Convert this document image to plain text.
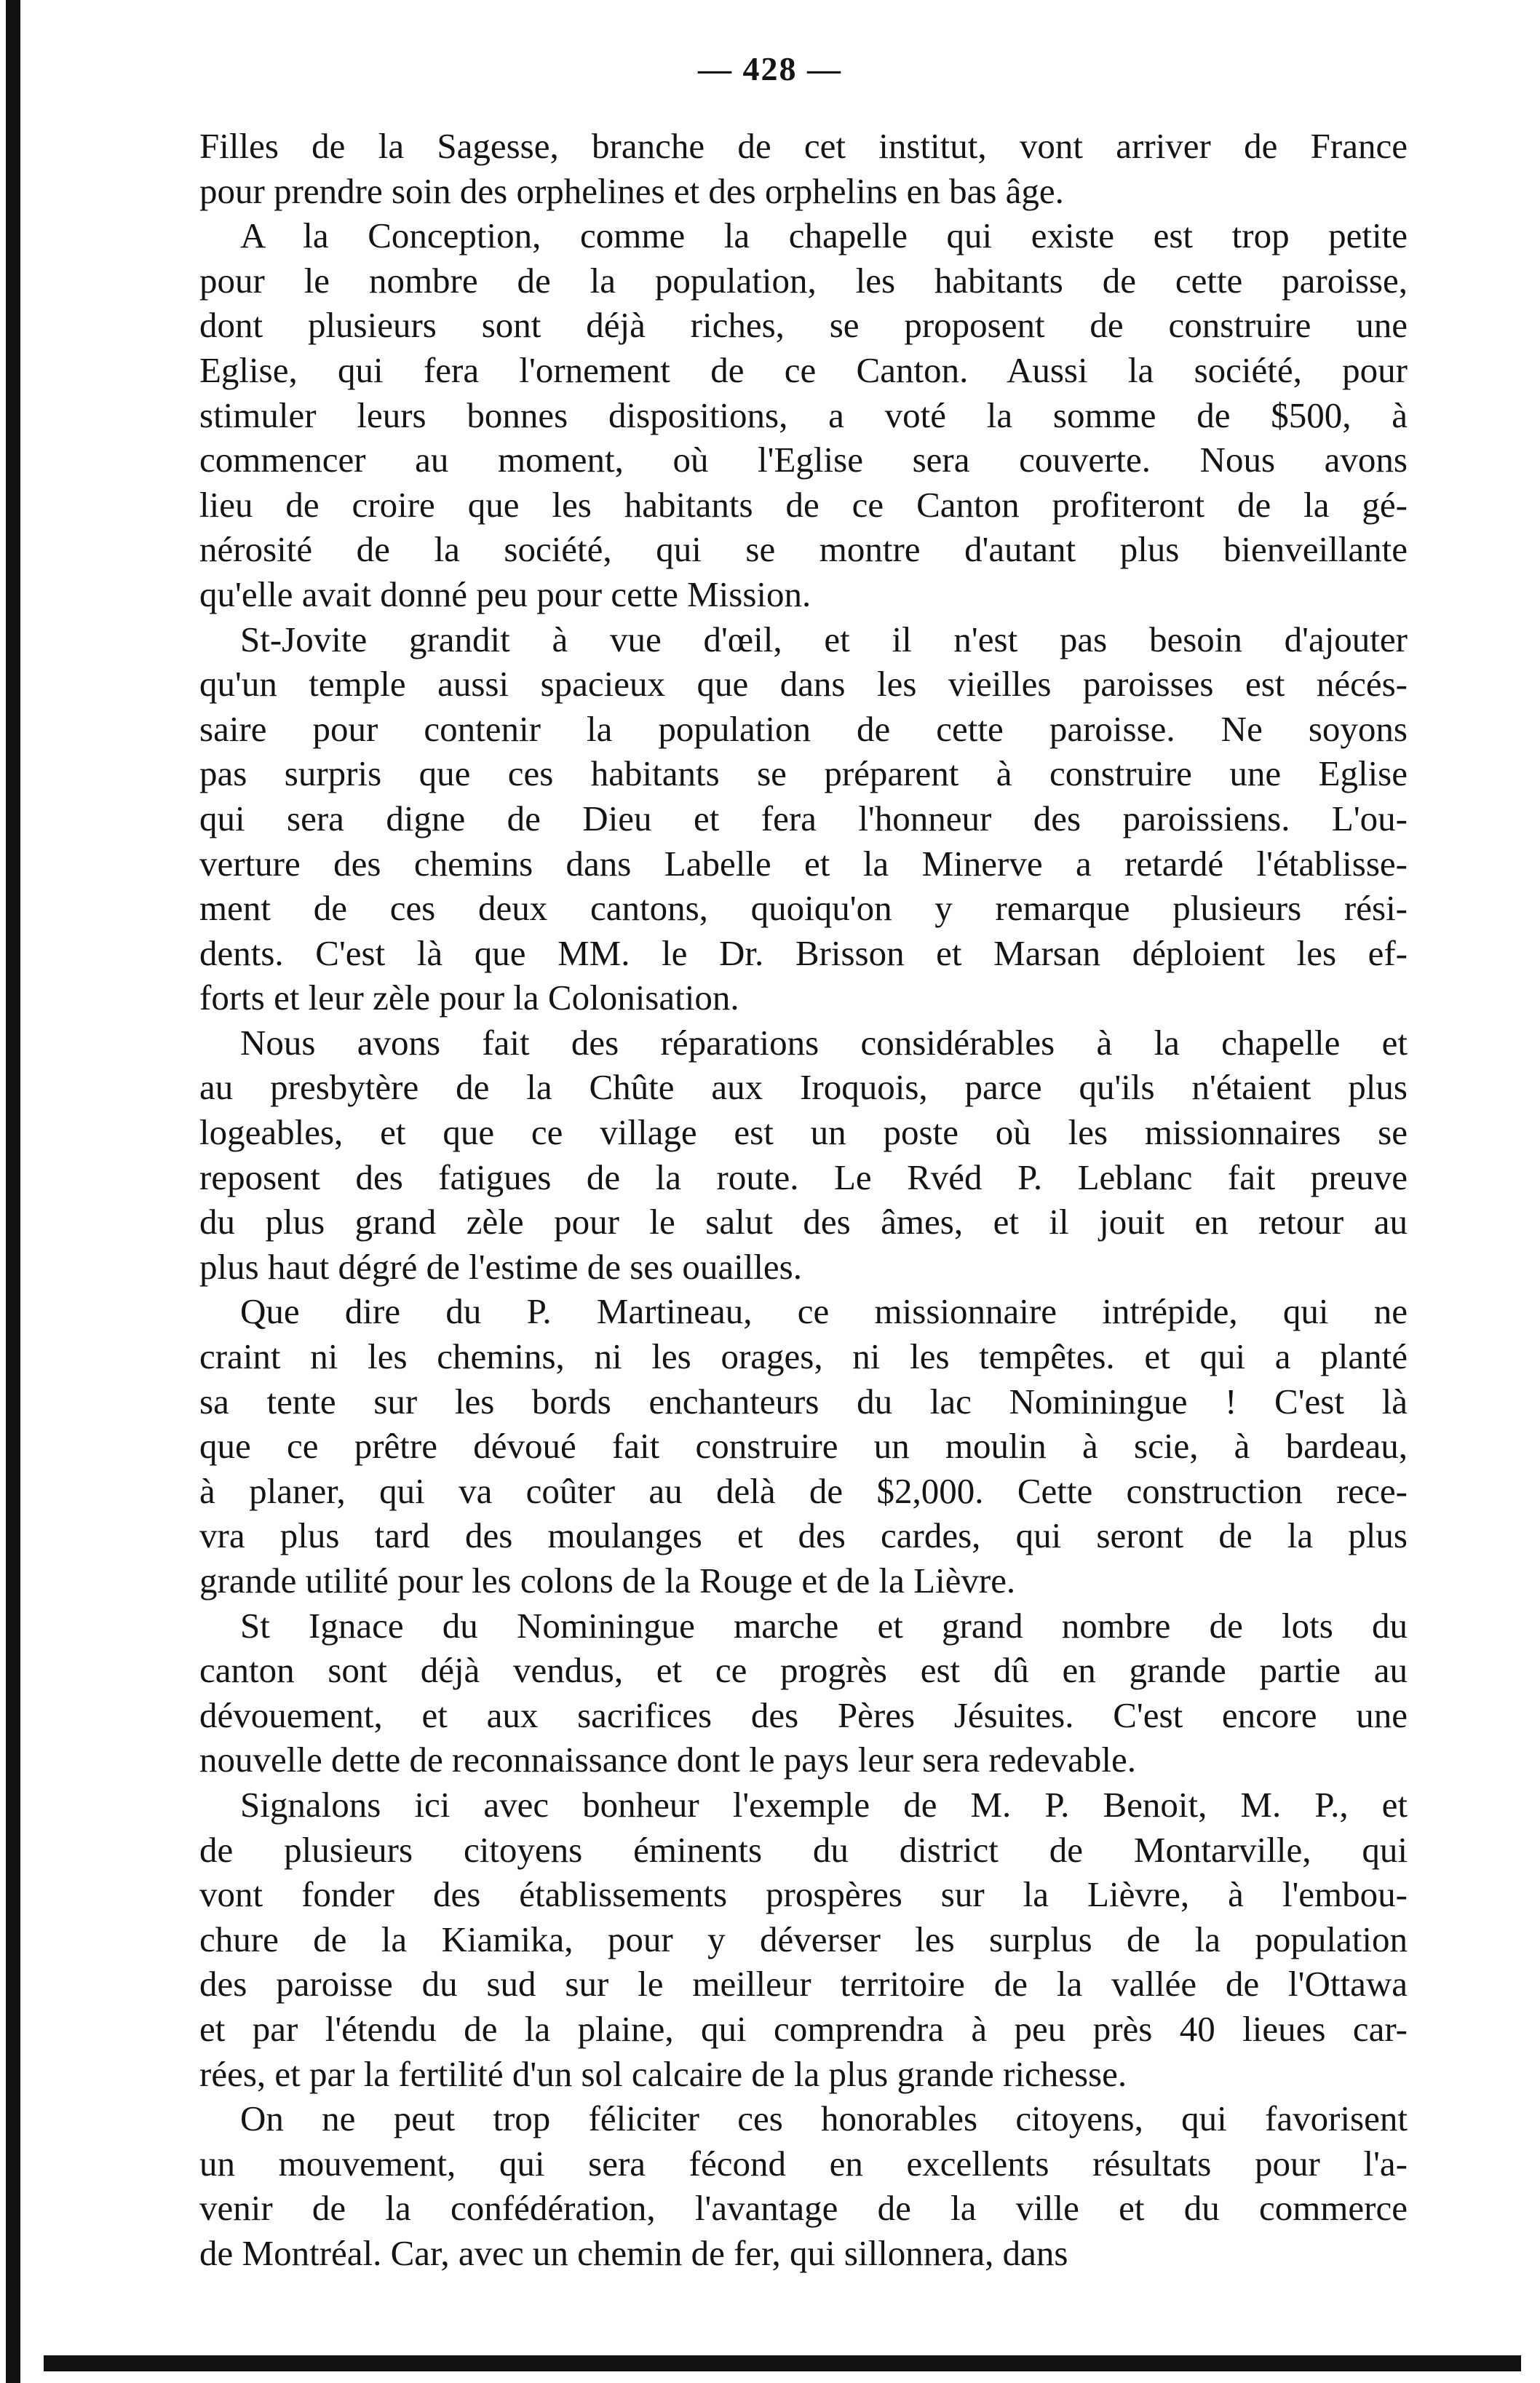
— 428 —
Filles de la Sagesse, branche de cet institut, vont arriver de France
pour prendre soin des orphelines et des orphelins en bas âge.
A la Conception, comme la chapelle qui existe est trop petite
pour le nombre de la population, les habitants de cette paroisse,
dont plusieurs sont déjà riches, se proposent de construire une
Eglise, qui fera l'ornement de ce Canton. Aussi la société, pour
stimuler leurs bonnes dispositions, a voté la somme de $500, à
commencer au moment, où l'Eglise sera couverte. Nous avons
lieu de croire que les habitants de ce Canton profiteront de la gé-
nérosité de la société, qui se montre d'autant plus bienveillante
qu'elle avait donné peu pour cette Mission.
St-Jovite grandit à vue d'œil, et il n'est pas besoin d'ajouter
qu'un temple aussi spacieux que dans les vieilles paroisses est nécés-
saire pour contenir la population de cette paroisse. Ne soyons
pas surpris que ces habitants se préparent à construire une Eglise
qui sera digne de Dieu et fera l'honneur des paroissiens. L'ou-
verture des chemins dans Labelle et la Minerve a retardé l'établisse-
ment de ces deux cantons, quoiqu'on y remarque plusieurs rési-
dents. C'est là que MM. le Dr. Brisson et Marsan déploient les ef-
forts et leur zèle pour la Colonisation.
Nous avons fait des réparations considérables à la chapelle et
au presbytère de la Chûte aux Iroquois, parce qu'ils n'étaient plus
logeables, et que ce village est un poste où les missionnaires se
reposent des fatigues de la route. Le Rvéd P. Leblanc fait preuve
du plus grand zèle pour le salut des âmes, et il jouit en retour au
plus haut dégré de l'estime de ses ouailles.
Que dire du P. Martineau, ce missionnaire intrépide, qui ne
craint ni les chemins, ni les orages, ni les tempêtes. et qui a planté
sa tente sur les bords enchanteurs du lac Nominingue ! C'est là
que ce prêtre dévoué fait construire un moulin à scie, à bardeau,
à planer, qui va coûter au delà de $2,000. Cette construction rece-
vra plus tard des moulanges et des cardes, qui seront de la plus
grande utilité pour les colons de la Rouge et de la Lièvre.
St Ignace du Nominingue marche et grand nombre de lots du
canton sont déjà vendus, et ce progrès est dû en grande partie au
dévouement, et aux sacrifices des Pères Jésuites. C'est encore une
nouvelle dette de reconnaissance dont le pays leur sera redevable.
Signalons ici avec bonheur l'exemple de M. P. Benoit, M. P., et
de plusieurs citoyens éminents du district de Montarville, qui
vont fonder des établissements prospères sur la Lièvre, à l'embou-
chure de la Kiamika, pour y déverser les surplus de la population
des paroisse du sud sur le meilleur territoire de la vallée de l'Ottawa
et par l'étendu de la plaine, qui comprendra à peu près 40 lieues car-
rées, et par la fertilité d'un sol calcaire de la plus grande richesse.
On ne peut trop féliciter ces honorables citoyens, qui favorisent
un mouvement, qui sera fécond en excellents résultats pour l'a-
venir de la confédération, l'avantage de la ville et du commerce
de Montréal. Car, avec un chemin de fer, qui sillonnera, dans
